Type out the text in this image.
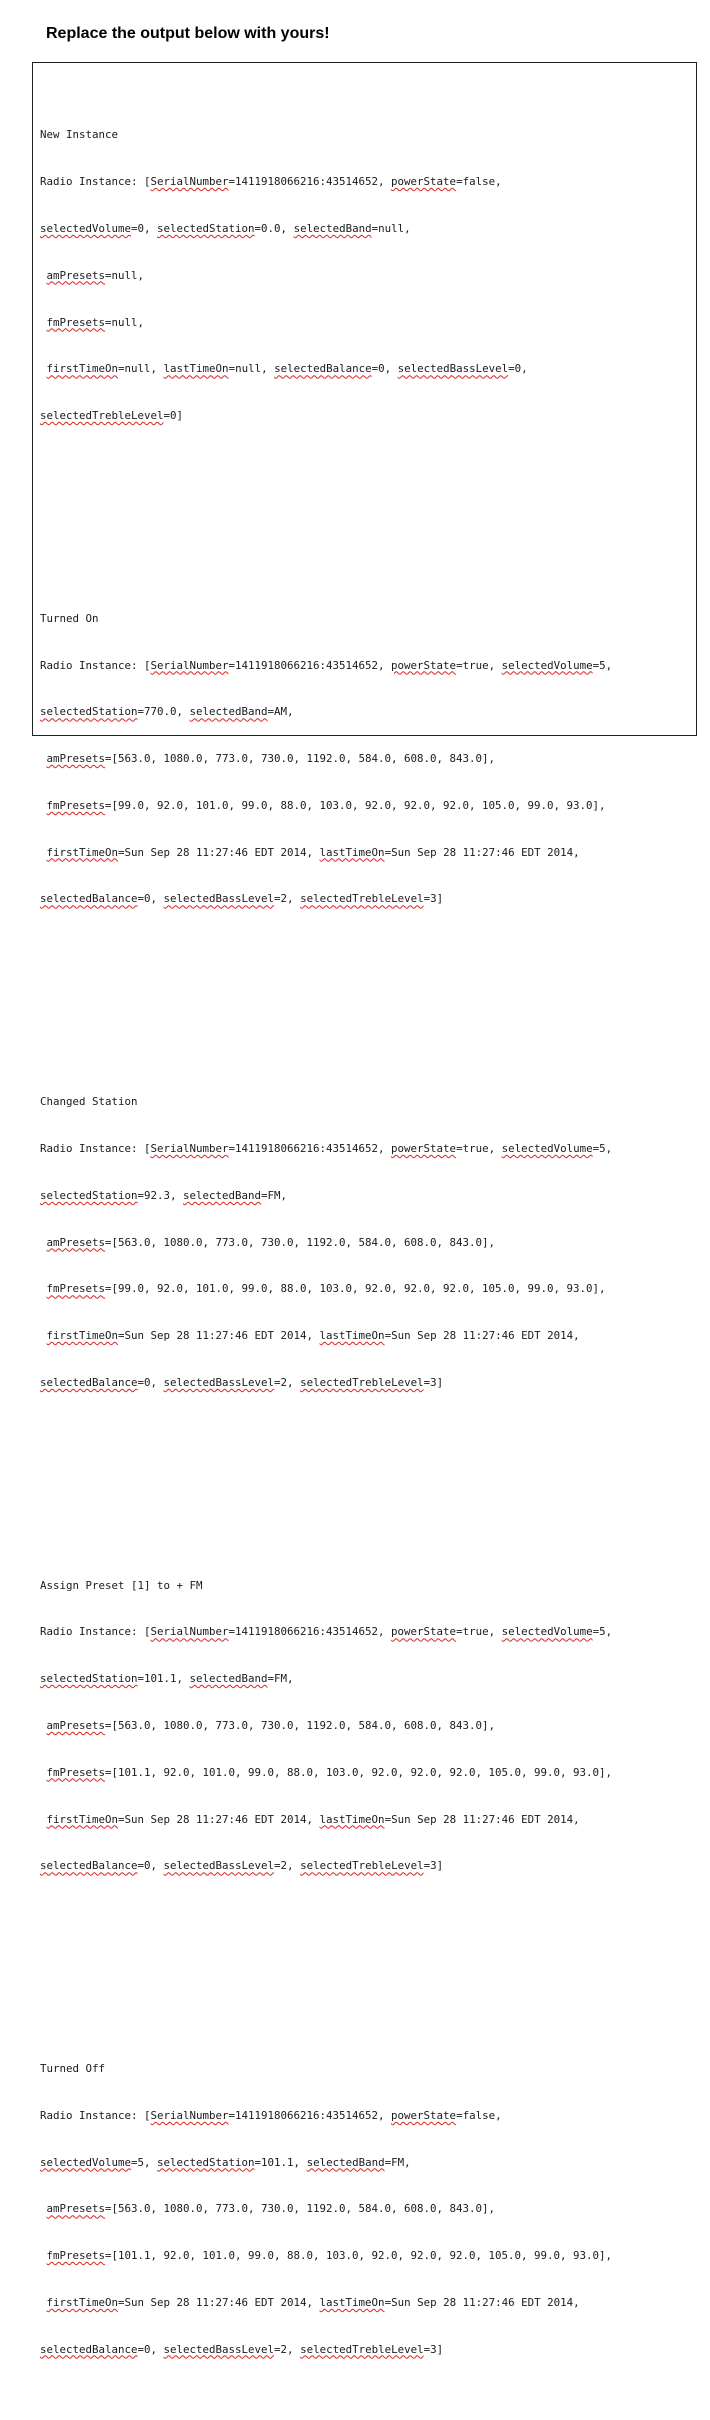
Replace the output below with yours!

New Instance

Radio Instance: [SerialNumber=1411918066216:43514652, powerState=false,

selectedVolume=0, selectedStation=0.0, selectedBand=null,

amPresets=null,

fmPresets=null,

firstTimeOn=null, lastTimeOn=null, selectedBalance=0, selectedBassLevel=0,

selectedTrebleLevel=0]

Turned On

Radio Instance: [SerialNumber=1411918066216:43514652, powerState=true, selectedVolume=5,

selectedStation=770.0, selectedBand=AM,

amPresets=[563.0, 1080.0, 773.0, 730.0, 1192.0, 584.0, 608.0, 843.0],

fmPresets=[99.0, 92.0, 101.0, 99.0, 88.0, 103.0, 92.0, 92.0, 92.0, 105.0, 99.0, 93.0],

firstTimeOn=Sun Sep 28 11:27:46 EDT 2014, lastTimeOn=Sun Sep 28 11:27:46 EDT 2014,

selectedBalance=0, selectedBassLevel=2, selectedTrebleLevel=3]

Changed Station

Radio Instance: [SerialNumber=1411918066216:43514652, powerState=true, selectedVolume=5,

selectedStation=92.3, selectedBand=FM,

amPresets=[563.0, 1080.0, 773.0, 730.0, 1192.0, 584.0, 608.0, 843.0],

fmPresets=[99.0, 92.0, 101.0, 99.0, 88.0, 103.0, 92.0, 92.0, 92.0, 105.0, 99.0, 93.0],

firstTimeOn=Sun Sep 28 11:27:46 EDT 2014, lastTimeOn=Sun Sep 28 11:27:46 EDT 2014,

selectedBalance=0, selectedBassLevel=2, selectedTrebleLevel=3]

Assign Preset [1] to + FM

Radio Instance: [SerialNumber=1411918066216:43514652, powerState=true, selectedVolume=5,

selectedStation=101.1, selectedBand=FM,

amPresets=[563.0, 1080.0, 773.0, 730.0, 1192.0, 584.0, 608.0, 843.0],

fmPresets=[101.1, 92.0, 101.0, 99.0, 88.0, 103.0, 92.0, 92.0, 92.0, 105.0, 99.0, 93.0],

firstTimeOn=Sun Sep 28 11:27:46 EDT 2014, lastTimeOn=Sun Sep 28 11:27:46 EDT 2014,

selectedBalance=0, selectedBassLevel=2, selectedTrebleLevel=3]

Turned Off

Radio Instance: [SerialNumber=1411918066216:43514652, powerState=false,

selectedVolume=5, selectedStation=101.1, selectedBand=FM,

amPresets=[563.0, 1080.0, 773.0, 730.0, 1192.0, 584.0, 608.0, 843.0],

fmPresets=[101.1, 92.0, 101.0, 99.0, 88.0, 103.0, 92.0, 92.0, 92.0, 105.0, 99.0, 93.0],

firstTimeOn=Sun Sep 28 11:27:46 EDT 2014, lastTimeOn=Sun Sep 28 11:27:46 EDT 2014,

selectedBalance=0, selectedBassLevel=2, selectedTrebleLevel=3]
